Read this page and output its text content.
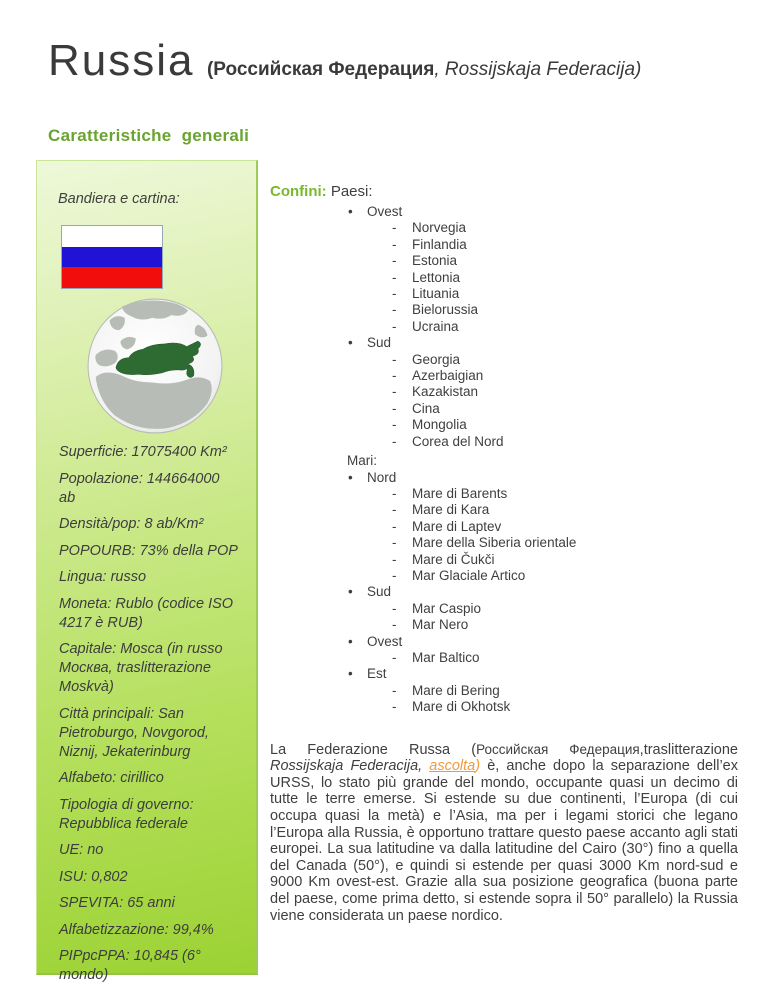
Russia (Российская Федерация, Rossijskaja Federacija)
Caratteristiche  generali
Bandiera e cartina:
Superficie: 17075400 Km²
Popolazione: 144664000 ab
Densità/pop: 8 ab/Km²
POPOURB: 73% della POP
Lingua: russo
Moneta: Rublo (codice ISO 4217 è RUB)
Capitale: Mosca (in russo Москва, traslitterazione Moskvà)
Città principali: San Pietroburgo, Novgorod, Niznij, Jekaterinburg
Alfabeto: cirillico
Tipologia di governo: Repubblica federale
UE: no
ISU: 0,802
SPEVITA: 65 anni
Alfabetizzazione: 99,4%
PIPpcPPA: 10,845 (6° mondo)
Confini: Paesi:
• Ovest
- Norvegia
- Finlandia
- Estonia
- Lettonia
- Lituania
- Bielorussia
- Ucraina
• Sud
- Georgia
- Azerbaigian
- Kazakistan
- Cina
- Mongolia
- Corea del Nord
Mari:
• Nord
- Mare di Barents
- Mare di Kara
- Mare di Laptev
- Mare della Siberia orientale
- Mare di Čukči
- Mar Glaciale Artico
• Sud
- Mar Caspio
- Mar Nero
• Ovest
- Mar Baltico
• Est
- Mare di Bering
- Mare di Okhotsk

La Federazione Russa (Российская Федерация,traslitterazione Rossijskaja Federacija, ascolta) è, anche dopo la separazione dell’ex URSS, lo stato più grande del mondo, occupante quasi un decimo di tutte le terre emerse. Si estende su due continenti, l’Europa (di cui occupa quasi la metà) e l’Asia, ma per i legami storici che legano l’Europa alla Russia, è opportuno trattare questo paese accanto agli stati europei. La sua latitudine va dalla latitudine del Cairo (30°) fino a quella del Canada (50°), e quindi si estende per quasi 3000 Km nord-sud e 9000 Km ovest-est. Grazie alla sua posizione geografica (buona parte del paese, come prima detto, si estende sopra il 50° parallelo) la Russia viene considerata un paese nordico.
